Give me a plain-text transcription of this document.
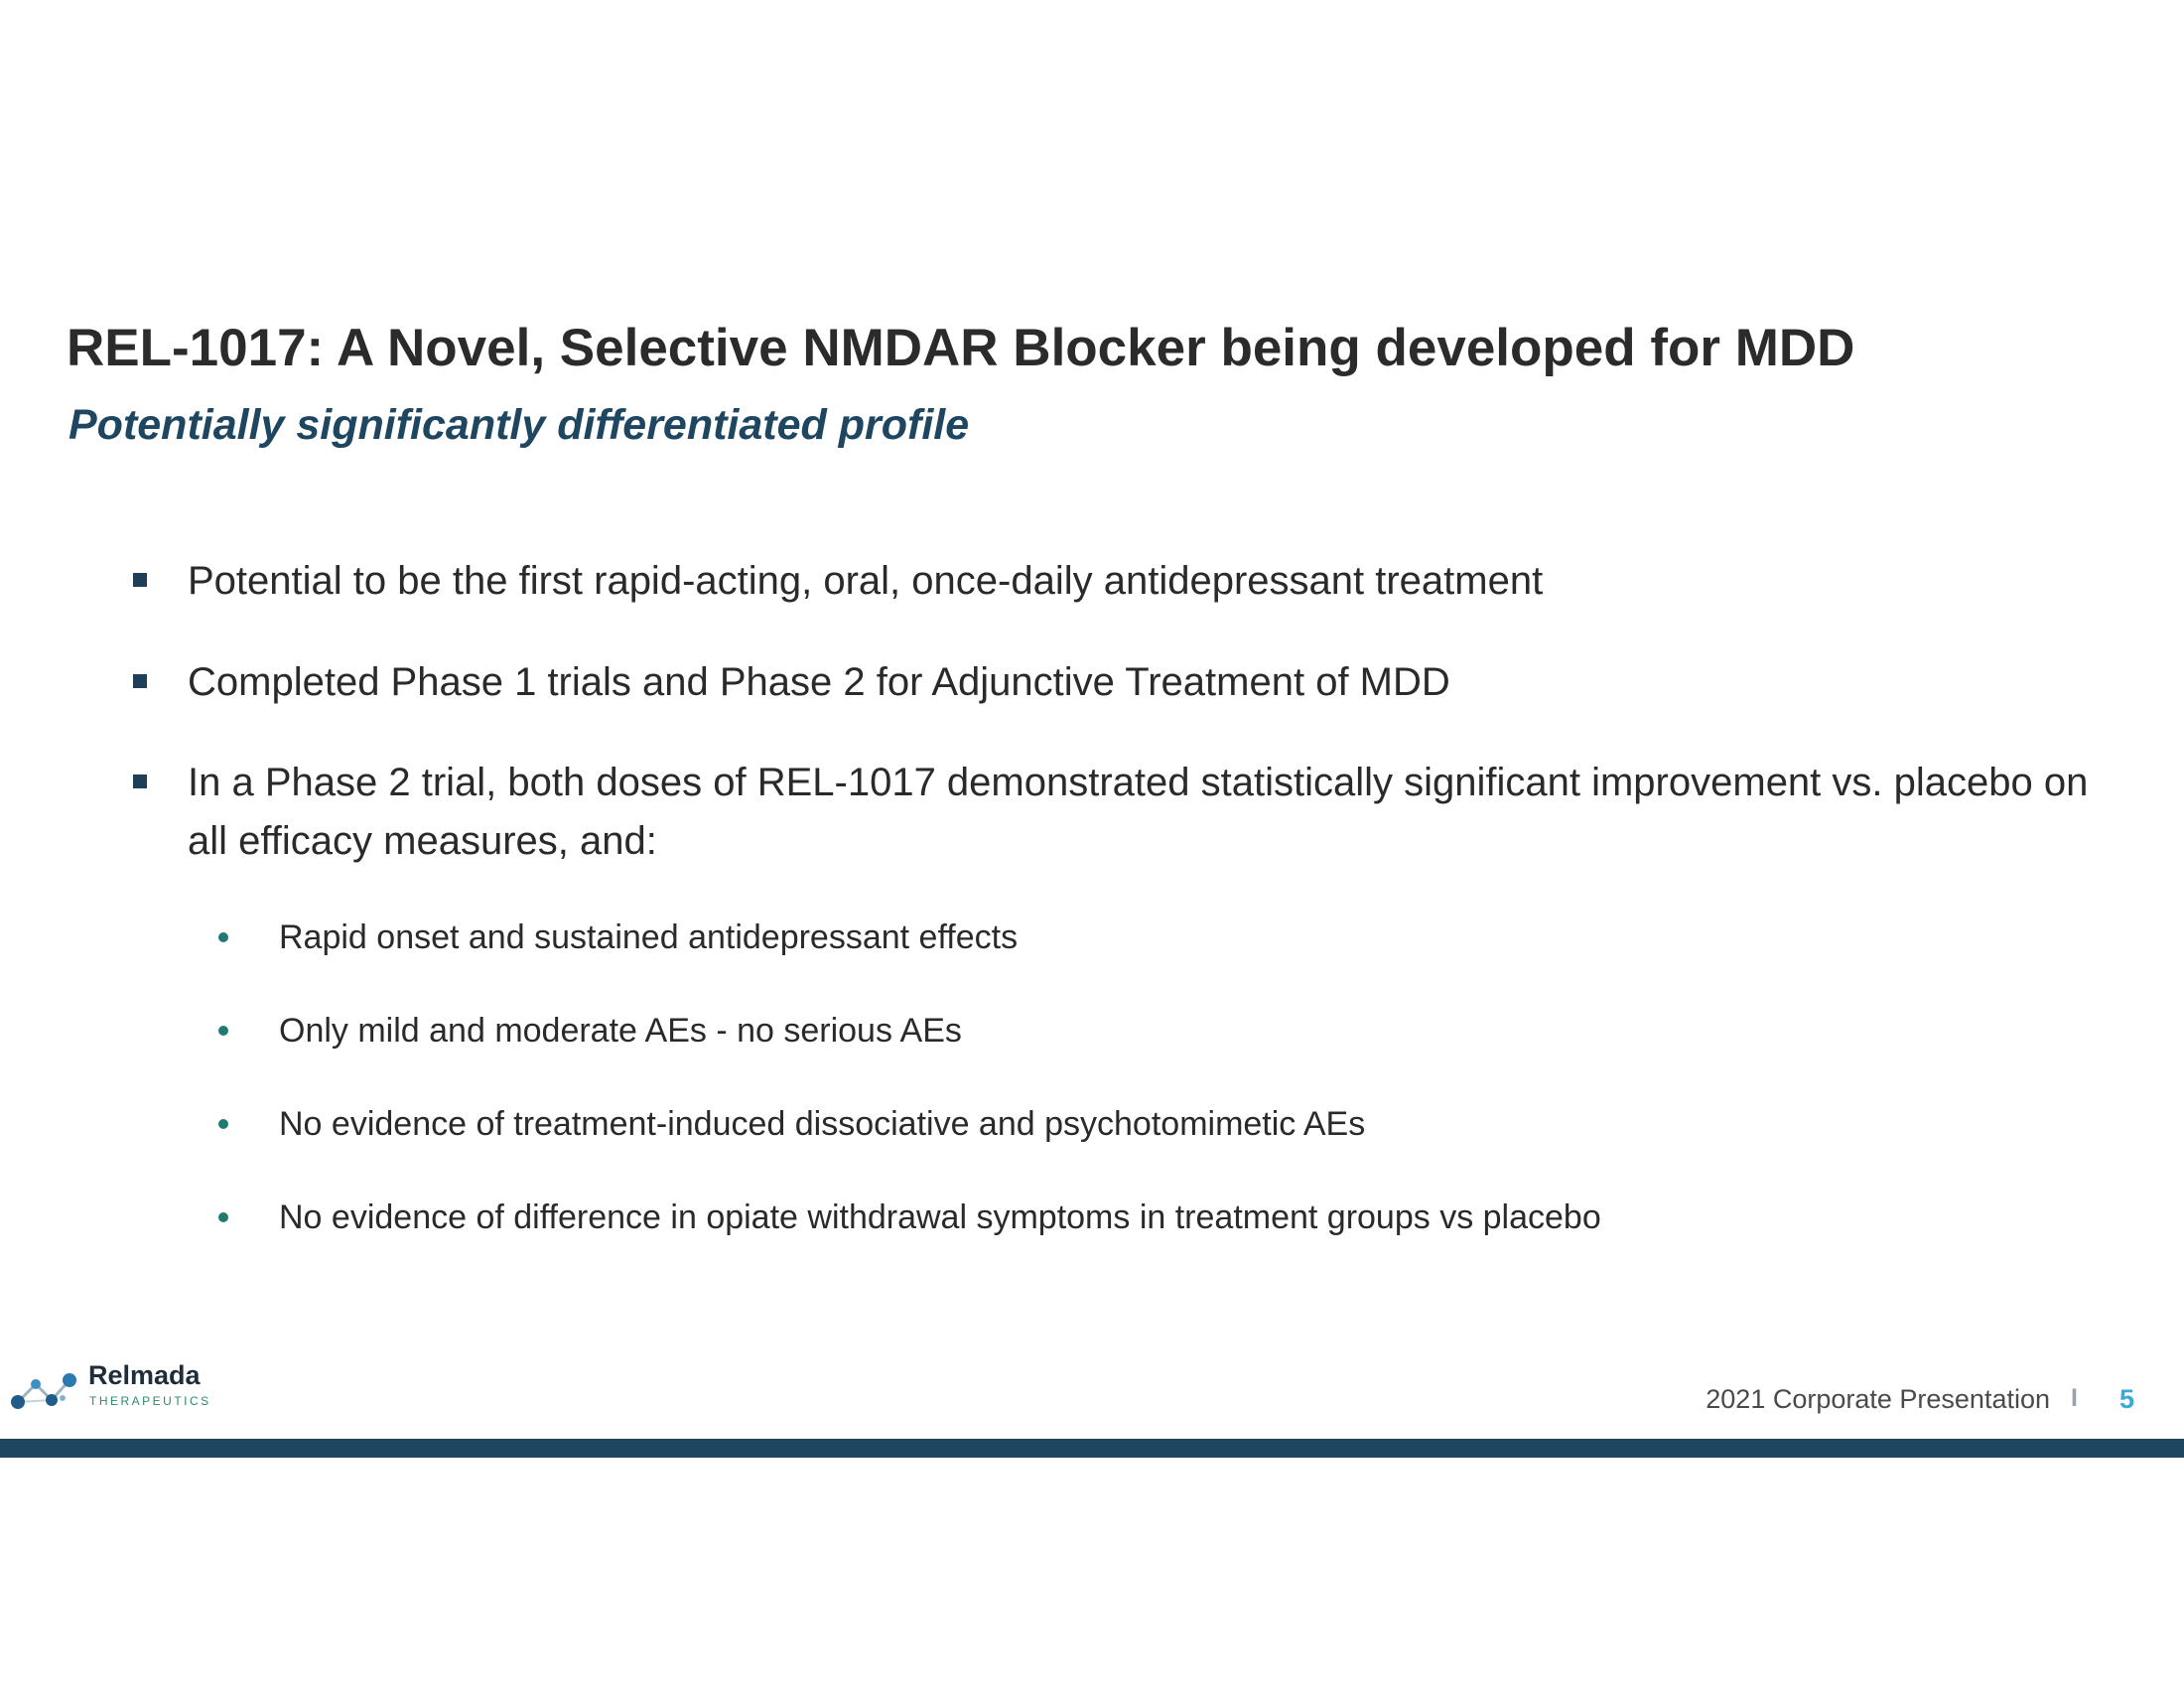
REL-1017: A Novel, Selective NMDAR Blocker being developed for MDD
Potentially significantly differentiated profile
Potential to be the first rapid-acting, oral, once-daily antidepressant treatment
Completed Phase 1 trials and Phase 2 for Adjunctive Treatment of MDD
In a Phase 2 trial, both doses of REL-1017 demonstrated statistically significant improvement vs. placebo on all efficacy measures, and:
Rapid onset and sustained antidepressant effects
Only mild and moderate AEs - no serious AEs
No evidence of treatment-induced dissociative and psychotomimetic AEs
No evidence of difference in opiate withdrawal symptoms in treatment groups vs placebo
Relmada
THERAPEUTICS	2021 Corporate Presentation I 5
